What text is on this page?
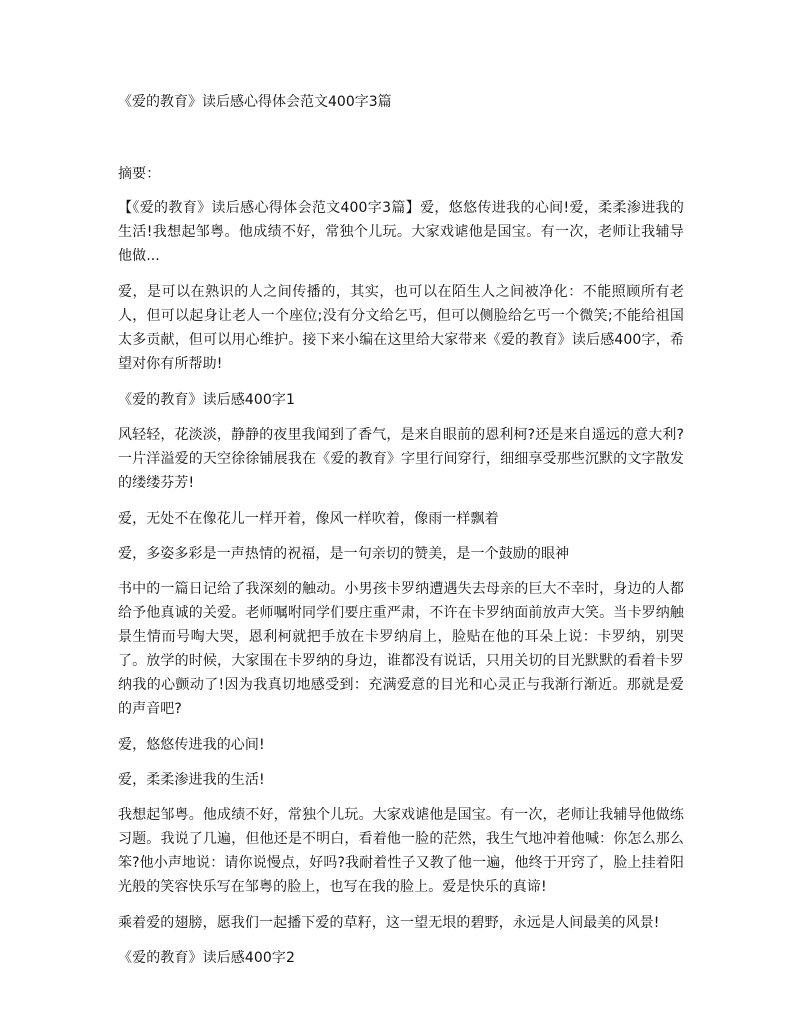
《爱的教育》读后感心得体会范文400字3篇
摘要：
【《爱的教育》读后感心得体会范文400字3篇】爱，悠悠传进我的心间!爱，柔柔渗进我的生活!我想起邹粤。他成绩不好，常独个儿玩。大家戏谑他是国宝。有一次，老师让我辅导他做...
爱，是可以在熟识的人之间传播的，其实，也可以在陌生人之间被净化：不能照顾所有老人，但可以起身让老人一个座位;没有分文给乞丐，但可以侧脸给乞丐一个微笑;不能给祖国太多贡献，但可以用心维护。接下来小编在这里给大家带来《爱的教育》读后感400字，希望对你有所帮助!
《爱的教育》读后感400字1
风轻轻，花淡淡，静静的夜里我闻到了香气，是来自眼前的恩利柯?还是来自遥远的意大利?一片洋溢爱的天空徐徐铺展我在《爱的教育》字里行间穿行，细细享受那些沉默的文字散发的缕缕芬芳!
爱，无处不在像花儿一样开着，像风一样吹着，像雨一样飘着
爱，多姿多彩是一声热情的祝福，是一句亲切的赞美，是一个鼓励的眼神
书中的一篇日记给了我深刻的触动。小男孩卡罗纳遭遇失去母亲的巨大不幸时，身边的人都给予他真诚的关爱。老师嘱咐同学们要庄重严肃，不许在卡罗纳面前放声大笑。当卡罗纳触景生情而号啕大哭，恩利柯就把手放在卡罗纳肩上，脸贴在他的耳朵上说：卡罗纳，别哭了。放学的时候，大家围在卡罗纳的身边，谁都没有说话，只用关切的目光默默的看着卡罗纳我的心颤动了!因为我真切地感受到：充满爱意的目光和心灵正与我渐行渐近。那就是爱的声音吧?
爱，悠悠传进我的心间!
爱，柔柔渗进我的生活!
我想起邹粤。他成绩不好，常独个儿玩。大家戏谑他是国宝。有一次，老师让我辅导他做练习题。我说了几遍，但他还是不明白，看着他一脸的茫然，我生气地冲着他喊：你怎么那么笨?他小声地说：请你说慢点，好吗?我耐着性子又教了他一遍，他终于开窍了，脸上挂着阳光般的笑容快乐写在邹粤的脸上，也写在我的脸上。爱是快乐的真谛!
乘着爱的翅膀，愿我们一起播下爱的草籽，这一望无垠的碧野，永远是人间最美的风景!
《爱的教育》读后感400字2
